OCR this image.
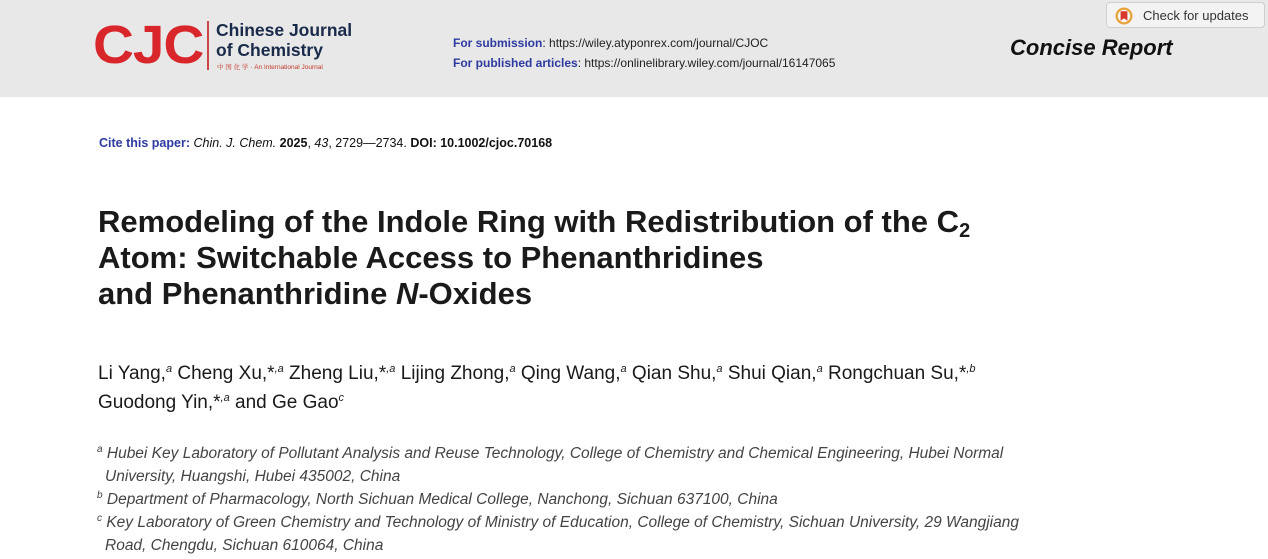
CJC Chinese Journal
of Chemistry
中 国 化 学 · An International Journal
For submission: https://wiley.atyponrex.com/journal/CJOC
For published articles: https://onlinelibrary.wiley.com/journal/16147065
Concise Report
Check for updates
Cite this paper: Chin. J. Chem. 2025, 43, 2729—2734. DOI: 10.1002/cjoc.70168
Remodeling of the Indole Ring with Redistribution of the $C_2$
Atom: Switchable Access to Phenanthridines
and Phenanthridine N-Oxides
Li Yang,$^a$ Cheng Xu,*$^{,a}$ Zheng Liu,*$^{,a}$ Lijing Zhong,$^a$ Qing Wang,$^a$ Qian Shu,$^a$ Shui Qian,$^a$ Rongchuan Su,*$^{,b}$
Guodong Yin,*$^{,a}$ and Ge Gao$^c$
$^a$ Hubei Key Laboratory of Pollutant Analysis and Reuse Technology, College of Chemistry and Chemical Engineering, Hubei Normal
University, Huangshi, Hubei 435002, China
$^b$ Department of Pharmacology, North Sichuan Medical College, Nanchong, Sichuan 637100, China
$^c$ Key Laboratory of Green Chemistry and Technology of Ministry of Education, College of Chemistry, Sichuan University, 29 Wangjiang
Road, Chengdu, Sichuan 610064, China
